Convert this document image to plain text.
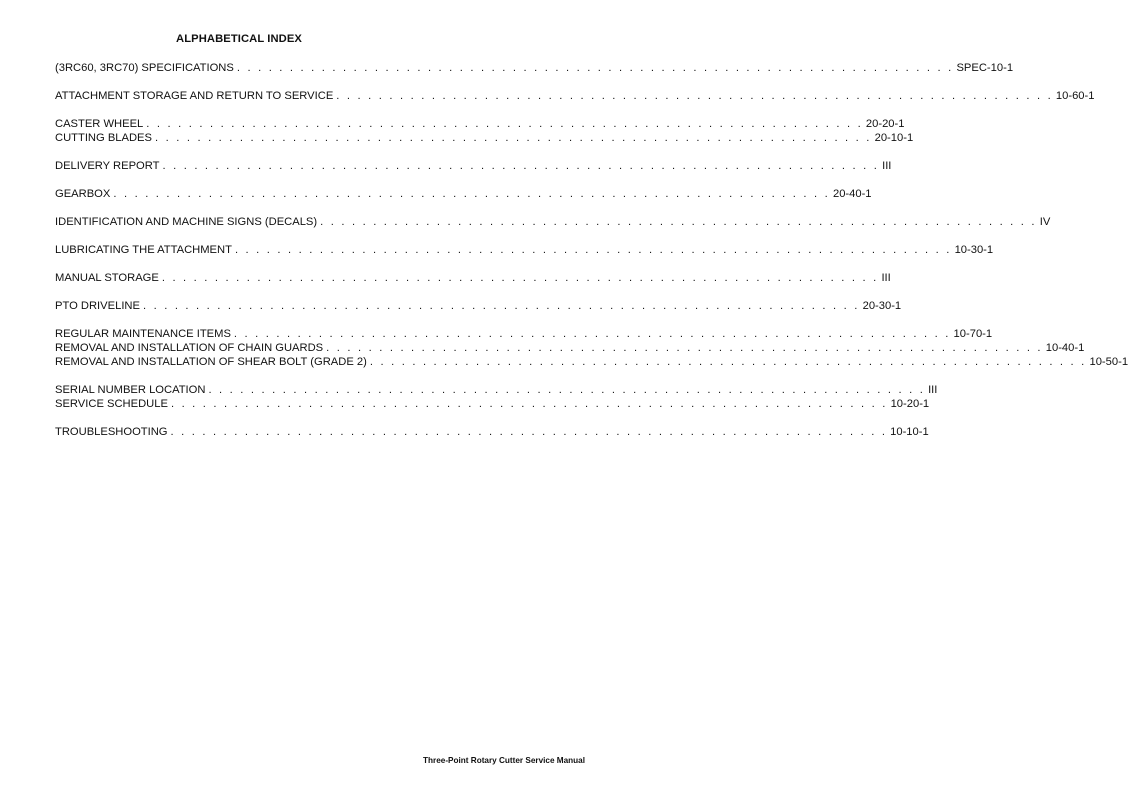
ALPHABETICAL INDEX
(3RC60, 3RC70) SPECIFICATIONS . . . . . . . . . . . . . . . . . . . . . . . . . . . . . . . . . . . . . . . . . . . . . . . . . . . . . . . . . . . . . . . . . . . . SPEC-10-1
ATTACHMENT STORAGE AND RETURN TO SERVICE . . . . . . . . . . . . . . . . . . . . . . . . . . . . . . . . . . . . . . . . . . . . . . . . . . . . . . . . . . . . . . . . . . . . 10-60-1
CASTER WHEEL . . . . . . . . . . . . . . . . . . . . . . . . . . . . . . . . . . . . . . . . . . . . . . . . . . . . . . . . . . . . . . . . . . . . 20-20-1
CUTTING BLADES . . . . . . . . . . . . . . . . . . . . . . . . . . . . . . . . . . . . . . . . . . . . . . . . . . . . . . . . . . . . . . . . . . . . 20-10-1
DELIVERY REPORT . . . . . . . . . . . . . . . . . . . . . . . . . . . . . . . . . . . . . . . . . . . . . . . . . . . . . . . . . . . . . . . . . . . . III
GEARBOX . . . . . . . . . . . . . . . . . . . . . . . . . . . . . . . . . . . . . . . . . . . . . . . . . . . . . . . . . . . . . . . . . . . . 20-40-1
IDENTIFICATION AND MACHINE SIGNS (DECALS) . . . . . . . . . . . . . . . . . . . . . . . . . . . . . . . . . . . . . . . . . . . . . . . . . . . . . . . . . . . . . . . . . . . . IV
LUBRICATING THE ATTACHMENT . . . . . . . . . . . . . . . . . . . . . . . . . . . . . . . . . . . . . . . . . . . . . . . . . . . . . . . . . . . . . . . . . . . . 10-30-1
MANUAL STORAGE . . . . . . . . . . . . . . . . . . . . . . . . . . . . . . . . . . . . . . . . . . . . . . . . . . . . . . . . . . . . . . . . . . . . III
PTO DRIVELINE . . . . . . . . . . . . . . . . . . . . . . . . . . . . . . . . . . . . . . . . . . . . . . . . . . . . . . . . . . . . . . . . . . . . 20-30-1
REGULAR MAINTENANCE ITEMS . . . . . . . . . . . . . . . . . . . . . . . . . . . . . . . . . . . . . . . . . . . . . . . . . . . . . . . . . . . . . . . . . . . . 10-70-1
REMOVAL AND INSTALLATION OF CHAIN GUARDS . . . . . . . . . . . . . . . . . . . . . . . . . . . . . . . . . . . . . . . . . . . . . . . . . . . . . . . . . . . . . . . . . . . . 10-40-1
REMOVAL AND INSTALLATION OF SHEAR BOLT (GRADE 2) . . . . . . . . . . . . . . . . . . . . . . . . . . . . . . . . . . . . . . . . . . . . . . . . . . . . . . . . . . . . . . . . . . . . 10-50-1
SERIAL NUMBER LOCATION . . . . . . . . . . . . . . . . . . . . . . . . . . . . . . . . . . . . . . . . . . . . . . . . . . . . . . . . . . . . . . . . . . . . III
SERVICE SCHEDULE . . . . . . . . . . . . . . . . . . . . . . . . . . . . . . . . . . . . . . . . . . . . . . . . . . . . . . . . . . . . . . . . . . . . 10-20-1
TROUBLESHOOTING . . . . . . . . . . . . . . . . . . . . . . . . . . . . . . . . . . . . . . . . . . . . . . . . . . . . . . . . . . . . . . . . . . . . 10-10-1
Three-Point Rotary Cutter Service Manual
